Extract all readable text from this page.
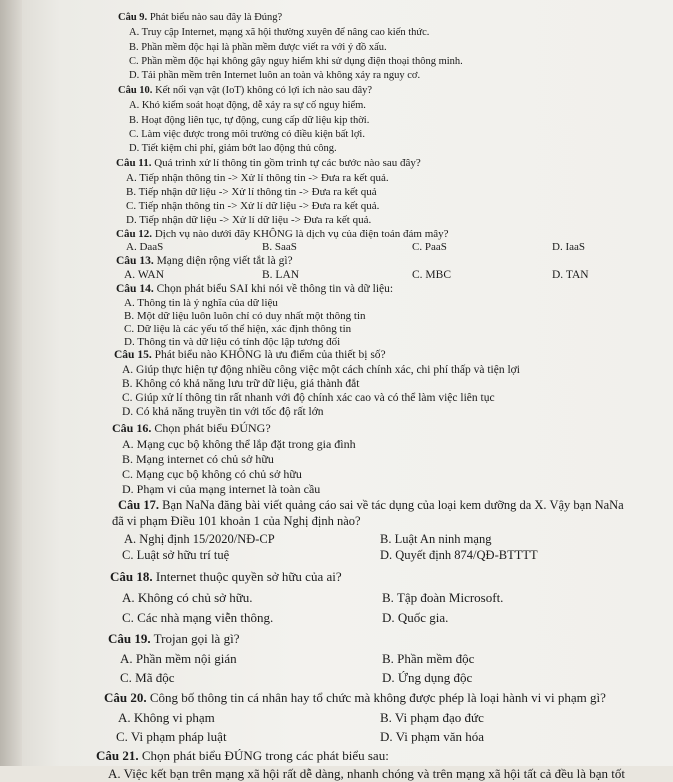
Câu 9. Phát biểu nào sau đây là Đúng?
A. Truy cập Internet, mạng xã hội thường xuyên để nâng cao kiến thức.
B. Phần mềm độc hại là phần mềm được viết ra với ý đồ xấu.
C. Phần mềm độc hại không gây nguy hiểm khi sử dụng điện thoại thông minh.
D. Tải phần mềm trên Internet luôn an toàn và không xảy ra nguy cơ.
Câu 10. Kết nối vạn vật (IoT) không có lợi ích nào sau đây?
A. Khó kiểm soát hoạt động, dễ xảy ra sự cố nguy hiểm.
B. Hoạt động liên tục, tự động, cung cấp dữ liệu kịp thời.
C. Làm việc được trong môi trường có điều kiện bất lợi.
D. Tiết kiệm chi phí, giảm bớt lao động thủ công.
Câu 11. Quá trình xử lí thông tin gồm trình tự các bước nào sau đây?
A. Tiếp nhận thông tin -> Xử lí thông tin -> Đưa ra kết quả.
B. Tiếp nhận dữ liệu -> Xử lí thông tin -> Đưa ra kết quả
C. Tiếp nhận thông tin -> Xử lí dữ liệu -> Đưa ra kết quả.
D. Tiếp nhận dữ liệu -> Xử lí dữ liệu -> Đưa ra kết quả.
Câu 12. Dịch vụ nào dưới đây KHÔNG là dịch vụ của điện toán đám mây?
A. DaaS	B. SaaS	C. PaaS	D. IaaS
Câu 13. Mạng diện rộng viết tắt là gì?
A. WAN	B. LAN	C. MBC	D. TAN
Câu 14. Chọn phát biểu SAI khi nói về thông tin và dữ liệu:
A. Thông tin là ý nghĩa của dữ liệu
B. Một dữ liệu luôn luôn chỉ có duy nhất một thông tin
C. Dữ liệu là các yếu tố thể hiện, xác định thông tin
D. Thông tin và dữ liệu có tính độc lập tương đối
Câu 15. Phát biểu nào KHÔNG là ưu điểm của thiết bị số?
A. Giúp thực hiện tự động nhiều công việc một cách chính xác, chi phí thấp và tiện lợi
B. Không có khả năng lưu trữ dữ liệu, giá thành đắt
C. Giúp xử lí thông tin rất nhanh với độ chính xác cao và có thể làm việc liên tục
D. Có khả năng truyền tin với tốc độ rất lớn
Câu 16. Chọn phát biểu ĐÚNG?
A. Mạng cục bộ không thể lắp đặt trong gia đình
B. Mạng internet có chủ sở hữu
C. Mạng cục bộ không có chủ sở hữu
D. Phạm vi của mạng internet là toàn cầu
Câu 17. Bạn NaNa đăng bài viết quảng cáo sai về tác dụng của loại kem dưỡng da X. Vậy bạn NaNa
đã vi phạm Điều 101 khoản 1 của Nghị định nào?
A. Nghị định 15/2020/NĐ-CP	B. Luật An ninh mạng
C. Luật sở hữu trí tuệ	D. Quyết định 874/QĐ-BTTTT
Câu 18. Internet thuộc quyền sở hữu của ai?
A. Không có chủ sở hữu.	B. Tập đoàn Microsoft.
C. Các nhà mạng viễn thông.	D. Quốc gia.
Câu 19. Trojan gọi là gì?
A. Phần mềm nội gián	B. Phần mềm độc
C. Mã độc	D. Ứng dụng độc
Câu 20. Công bố thông tin cá nhân hay tổ chức mà không được phép là loại hành vi vi phạm gì?
A. Không vi phạm	B. Vi phạm đạo đức
C. Vi phạm pháp luật	D. Vi phạm văn hóa
Câu 21. Chọn phát biểu ĐÚNG trong các phát biểu sau:
A. Việc kết bạn trên mạng xã hội rất dễ dàng, nhanh chóng và trên mạng xã hội tất cả đều là bạn tốt
